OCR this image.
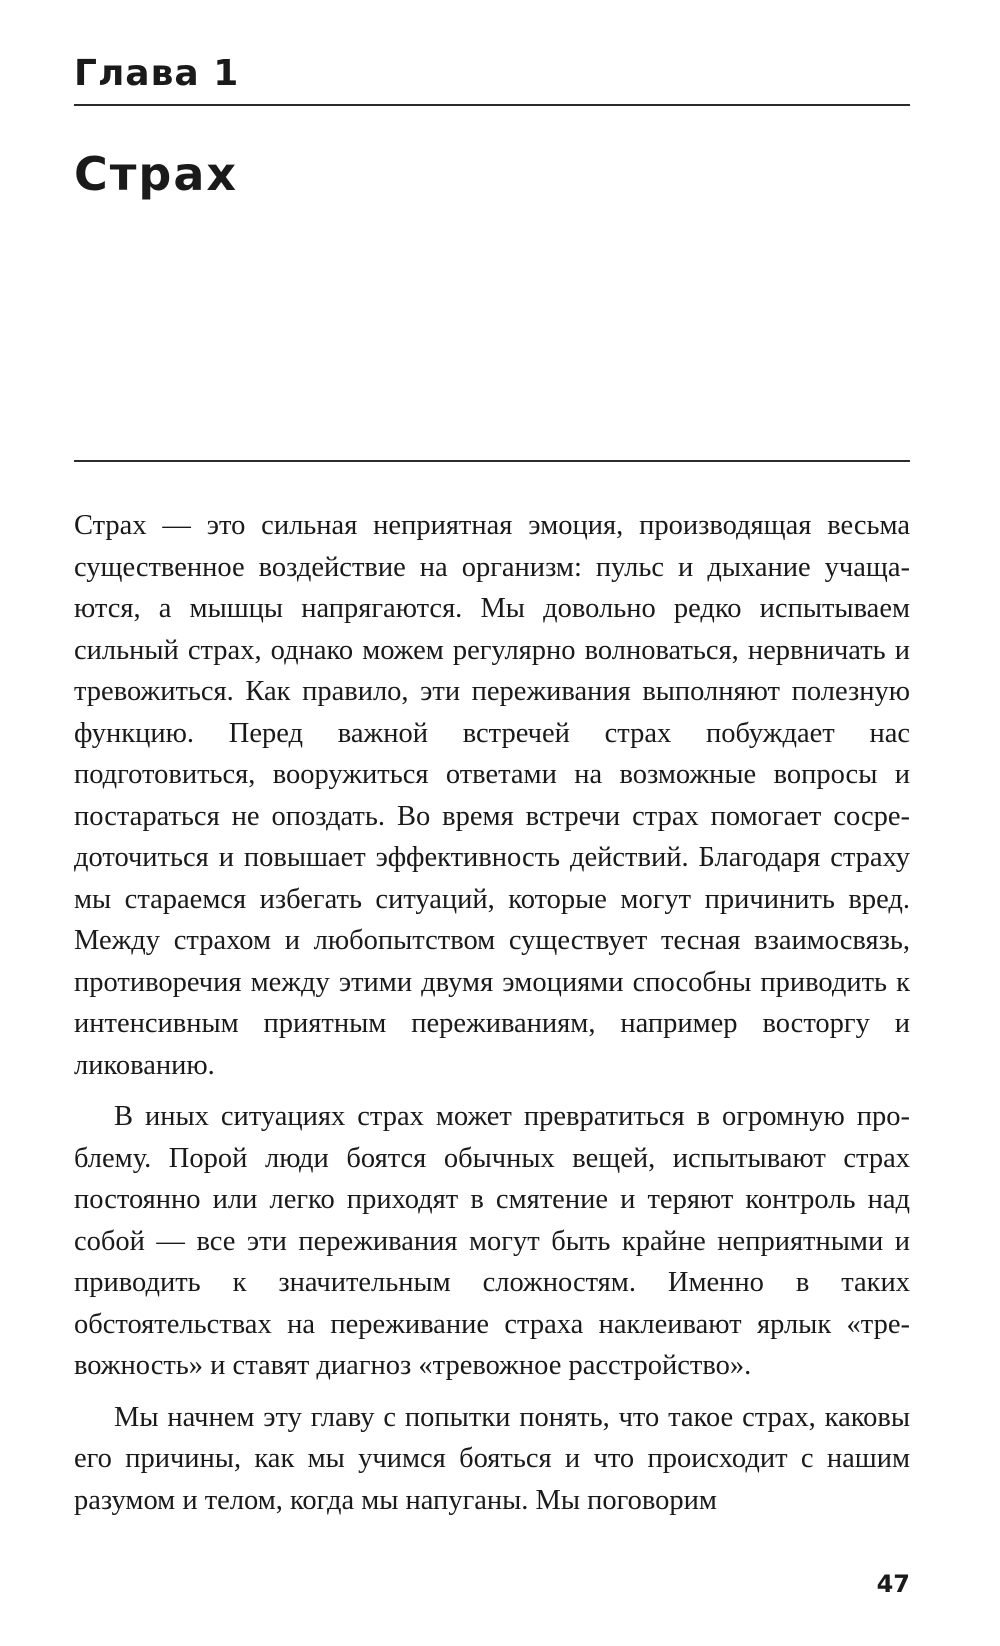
Глава 1
Страх

Страх — это сильная неприятная эмоция, производящая весьма существенное воздействие на организм: пульс и дыхание учащаются, а мышцы напрягаются. Мы довольно редко испытываем сильный страх, однако можем регулярно волноваться, нервничать и тревожиться. Как правило, эти переживания выполняют полезную функцию. Перед важной встречей страх побуждает нас подготовиться, вооружиться ответами на возможные вопросы и постараться не опоздать. Во время встречи страх помогает сосредоточиться и повышает эффективность действий. Благодаря страху мы стараемся избегать ситуаций, которые могут причинить вред. Между страхом и любопытством существует тесная взаимосвязь, противоречия между этими двумя эмоциями способны приводить к интенсивным приятным переживаниям, например восторгу и ликованию.

В иных ситуациях страх может превратиться в огромную проблему. Порой люди боятся обычных вещей, испытывают страх постоянно или легко приходят в смятение и теряют контроль над собой — все эти переживания могут быть крайне неприятными и приводить к значительным сложностям. Именно в таких обстоятельствах на переживание страха наклеивают ярлык «тревожность» и ставят диагноз «тревожное расстройство».

Мы начнем эту главу с попытки понять, что такое страх, каковы его причины, как мы учимся бояться и что происходит с нашим разумом и телом, когда мы напуганы. Мы поговорим

47
